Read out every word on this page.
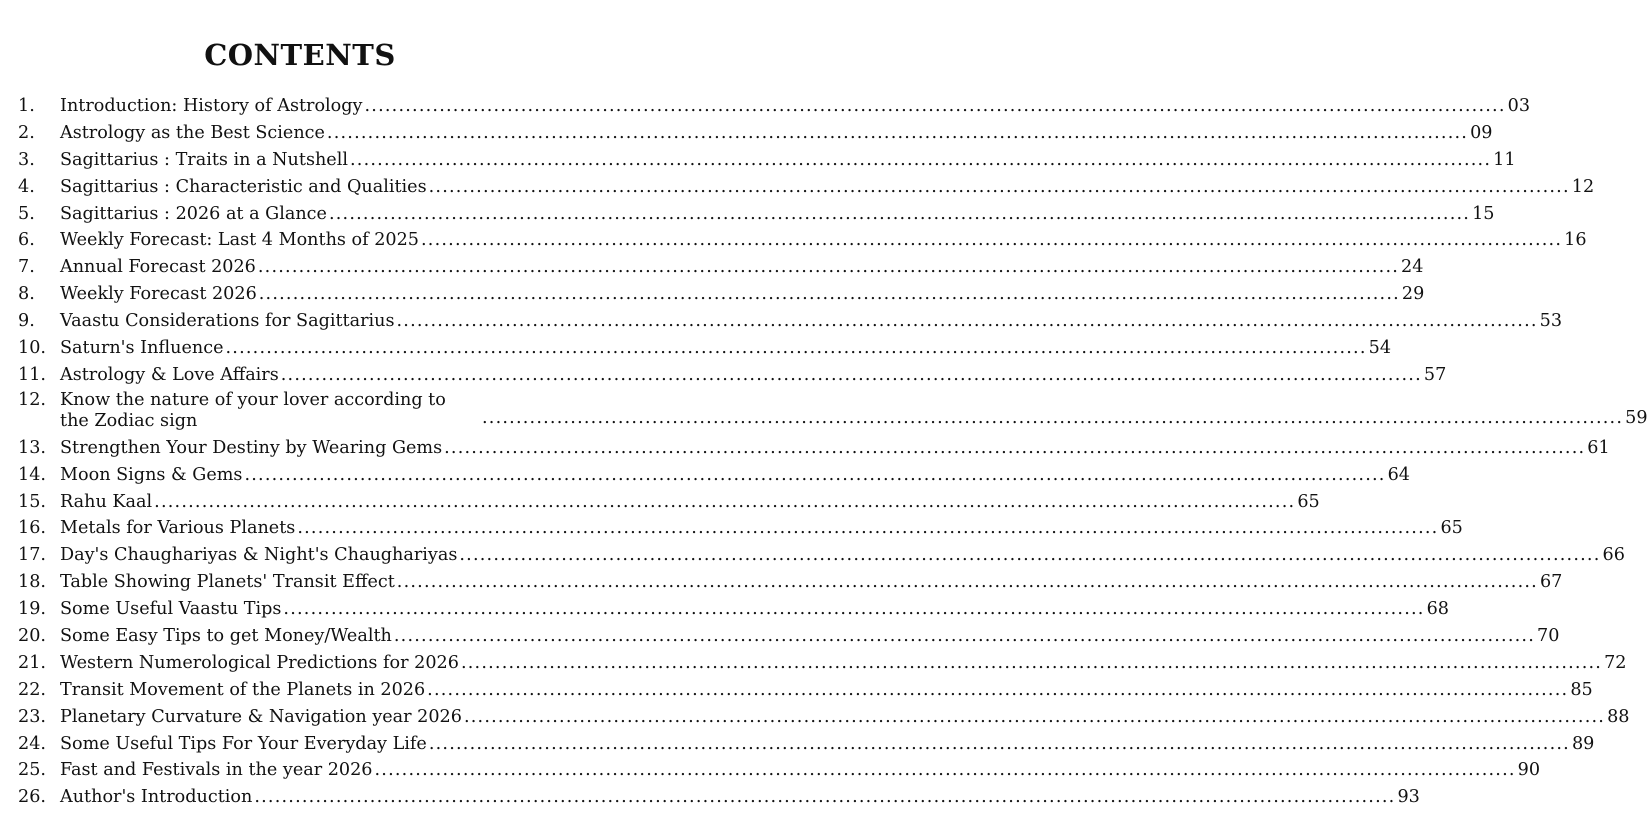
CONTENTS
1.	Introduction: History of Astrology .....	03
2.	Astrology as the Best Science .....	09
3.	Sagittarius : Traits in a Nutshell .....	11
4.	Sagittarius : Characteristic and Qualities .....	12
5.	Sagittarius : 2026 at a Glance .....	15
6.	Weekly Forecast: Last 4 Months of 2025 .....	16
7.	Annual Forecast 2026 .....	24
8.	Weekly Forecast 2026 .....	29
9.	Vaastu Considerations for Sagittarius .....	53
10. Saturn's Influence .....	54
11. Astrology & Love Affairs .....	57
12. Know the nature of your lover according to the Zodiac sign .....	59
13. Strengthen Your Destiny by Wearing Gems .....	61
14. Moon Signs & Gems .....	64
15. Rahu Kaal .....	65
16. Metals for Various Planets .....	65
17. Day's Chaughariyas & Night's Chaughariyas .....	66
18. Table Showing Planets' Transit Effect .....	67
19. Some Useful Vaastu Tips .....	68
20. Some Easy Tips to get Money/Wealth .....	70
21. Western Numerological Predictions for 2026 .....	72
22. Transit Movement of the Planets in 2026 .....	85
23. Planetary Curvature & Navigation year 2026 .....	88
24. Some Useful Tips For Your Everyday Life .....	89
25. Fast and Festivals in the year 2026 .....	90
26. Author's Introduction .....	93
